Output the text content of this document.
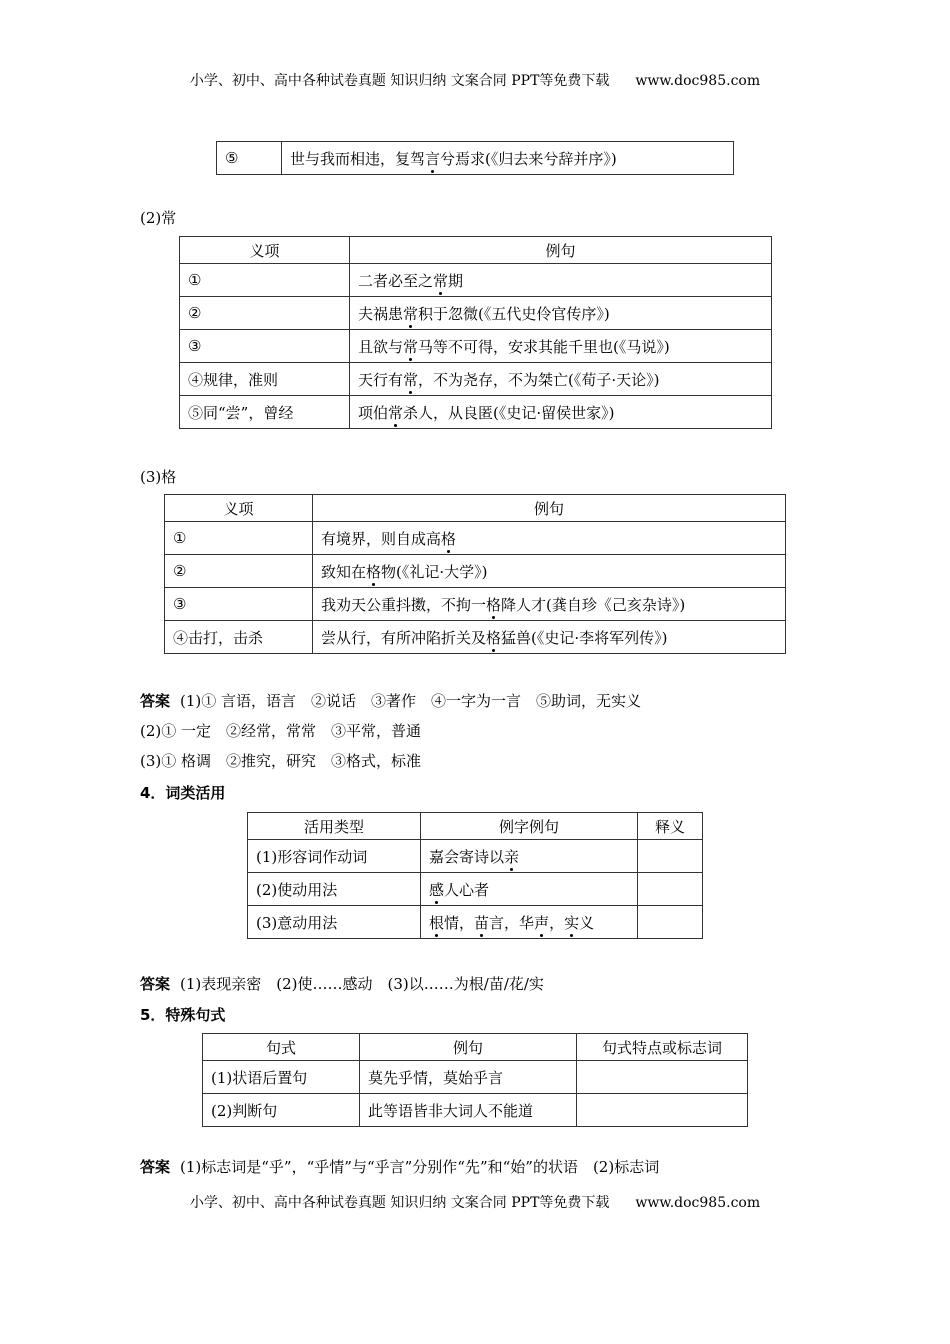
小学、初中、高中各种试卷真题 知识归纳 文案合同 PPT等免费下载 www.doc985.com
⑤	世与我而相违，复驾言兮焉求(《归去来兮辞并序》)
(2)常
义项	例句
①	二者必至之常期
②	夫祸患常积于忽微(《五代史伶官传序》)
③	且欲与常马等不可得，安求其能千里也(《马说》)
④规律，准则	天行有常，不为尧存，不为桀亡(《荀子·天论》)
⑤同“尝”，曾经	项伯常杀人，从良匿(《史记·留侯世家》)
(3)格
义项	例句
①	有境界，则自成高格
②	致知在格物(《礼记·大学》)
③	我劝天公重抖擞，不拘一格降人才(龚自珍《己亥杂诗》)
④击打，击杀	尝从行，有所冲陷折关及格猛兽(《史记·李将军列传》)
答案 (1)① 言语，语言　②说话　③著作　④一字为一言　⑤助词，无实义
(2)① 一定　②经常，常常　③平常，普通
(3)① 格调　②推究，研究　③格式，标准
4．词类活用
活用类型	例字例句	释义
(1)形容词作动词	嘉会寄诗以亲	
(2)使动用法	感人心者	
(3)意动用法	根情，苗言，华声，实义	
答案 (1)表现亲密　(2)使……感动　(3)以……为根/苗/花/实
5．特殊句式
句式	例句	句式特点或标志词
(1)状语后置句	莫先乎情，莫始乎言	
(2)判断句	此等语皆非大词人不能道	
答案 (1)标志词是“乎”，“乎情”与“乎言”分别作“先”和“始”的状语　(2)标志词
小学、初中、高中各种试卷真题 知识归纳 文案合同 PPT等免费下载 www.doc985.com
